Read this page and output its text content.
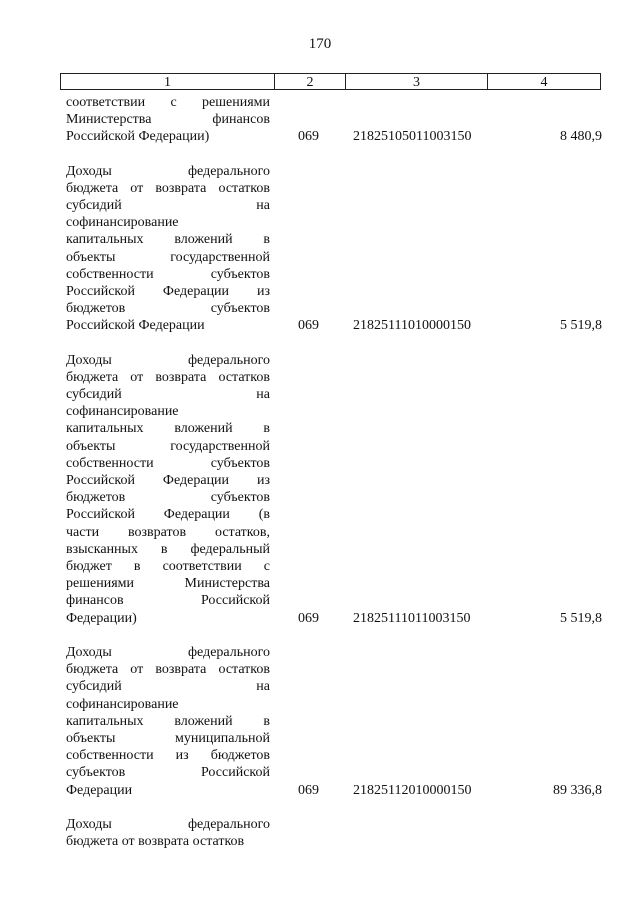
170
1	2	3	4
соответствии с решениями
Министерства финансов
Российской Федерации)	069	21825105011003150	8 480,9
Доходы федерального
бюджета от возврата остатков
субсидий на
софинансирование
капитальных вложений в
объекты государственной
собственности субъектов
Российской Федерации из
бюджетов субъектов
Российской Федерации	069	21825111010000150	5 519,8
Доходы федерального
бюджета от возврата остатков
субсидий на
софинансирование
капитальных вложений в
объекты государственной
собственности субъектов
Российской Федерации из
бюджетов субъектов
Российской Федерации (в
части возвратов остатков,
взысканных в федеральный
бюджет в соответствии с
решениями Министерства
финансов Российской
Федерации)	069	21825111011003150	5 519,8
Доходы федерального
бюджета от возврата остатков
субсидий на
софинансирование
капитальных вложений в
объекты муниципальной
собственности из бюджетов
субъектов Российской
Федерации	069	21825112010000150	89 336,8
Доходы федерального
бюджета от возврата остатков
